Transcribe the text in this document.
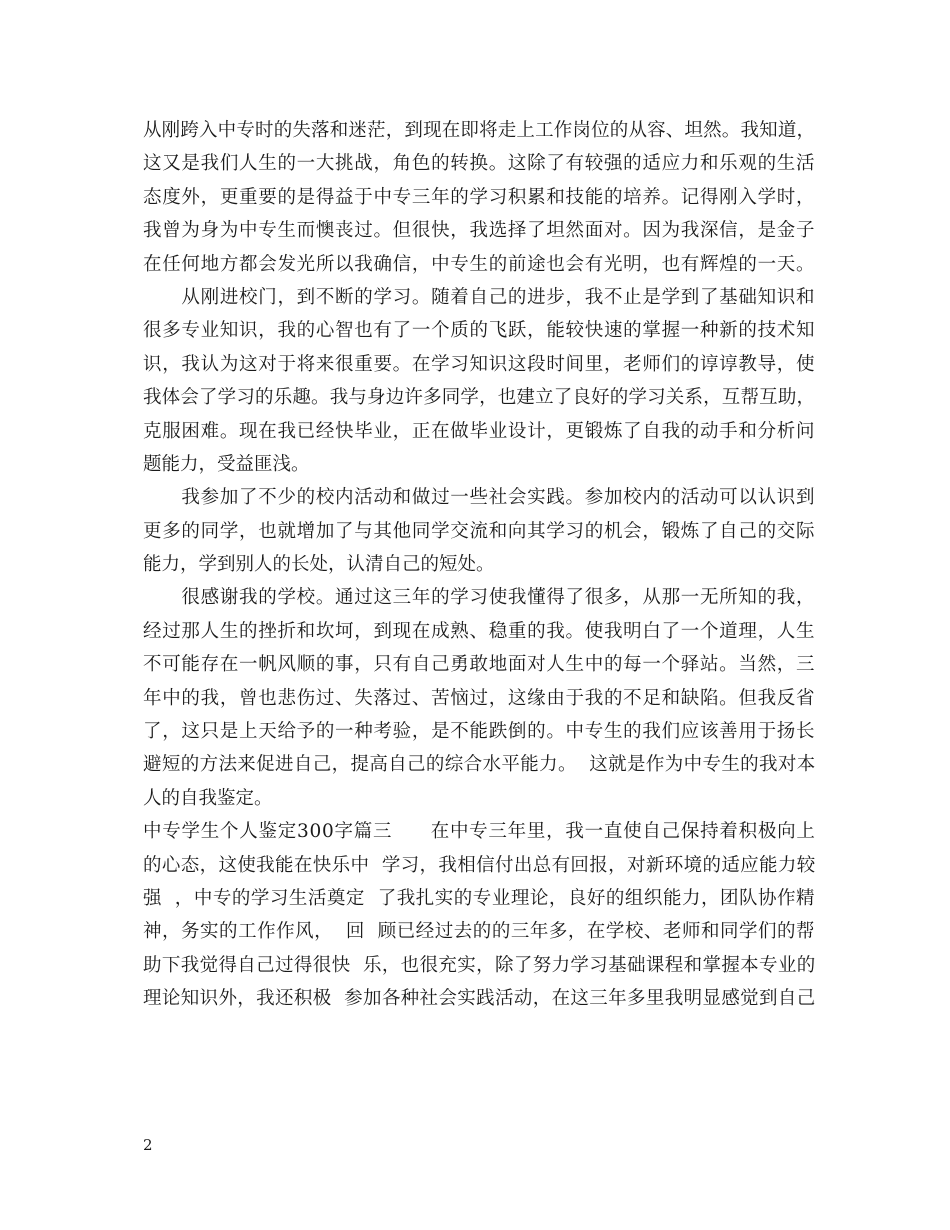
从刚跨入中专时的失落和迷茫，到现在即将走上工作岗位的从容、坦然。我知道，
这又是我们人生的一大挑战，角色的转换。这除了有较强的适应力和乐观的生活
态度外，更重要的是得益于中专三年的学习积累和技能的培养。记得刚入学时，
我曾为身为中专生而懊丧过。但很快，我选择了坦然面对。因为我深信，是金子
在任何地方都会发光所以我确信，中专生的前途也会有光明，也有辉煌的一天。
　　从刚进校门，到不断的学习。随着自己的进步，我不止是学到了基础知识和
很多专业知识，我的心智也有了一个质的飞跃，能较快速的掌握一种新的技术知
识，我认为这对于将来很重要。在学习知识这段时间里，老师们的谆谆教导，使
我体会了学习的乐趣。我与身边许多同学，也建立了良好的学习关系，互帮互助，
克服困难。现在我已经快毕业，正在做毕业设计，更锻炼了自我的动手和分析问
题能力，受益匪浅。
　　我参加了不少的校内活动和做过一些社会实践。参加校内的活动可以认识到
更多的同学，也就增加了与其他同学交流和向其学习的机会，锻炼了自己的交际
能力，学到别人的长处，认清自己的短处。
　　很感谢我的学校。通过这三年的学习使我懂得了很多，从那一无所知的我，
经过那人生的挫折和坎坷，到现在成熟、稳重的我。使我明白了一个道理，人生
不可能存在一帆风顺的事，只有自己勇敢地面对人生中的每一个驿站。当然，三
年中的我，曾也悲伤过、失落过、苦恼过，这缘由于我的不足和缺陷。但我反省
了，这只是上天给予的一种考验，是不能跌倒的。中专生的我们应该善用于扬长
避短的方法来促进自己，提高自己的综合水平能力。  这就是作为中专生的我对本
人的自我鉴定。
中专学生个人鉴定300字篇三　　在中专三年里，我一直使自己保持着积极向上
的心态，这使我能在快乐中  学习，我相信付出总有回报，对新环境的适应能力较
强  ，中专的学习生活奠定  了我扎实的专业理论，良好的组织能力，团队协作精
神，务实的工作作风，  回  顾已经过去的的三年多，在学校、老师和同学们的帮
助下我觉得自己过得很快  乐，也很充实，除了努力学习基础课程和掌握本专业的
理论知识外，我还积极  参加各种社会实践活动，在这三年多里我明显感觉到自己
2
